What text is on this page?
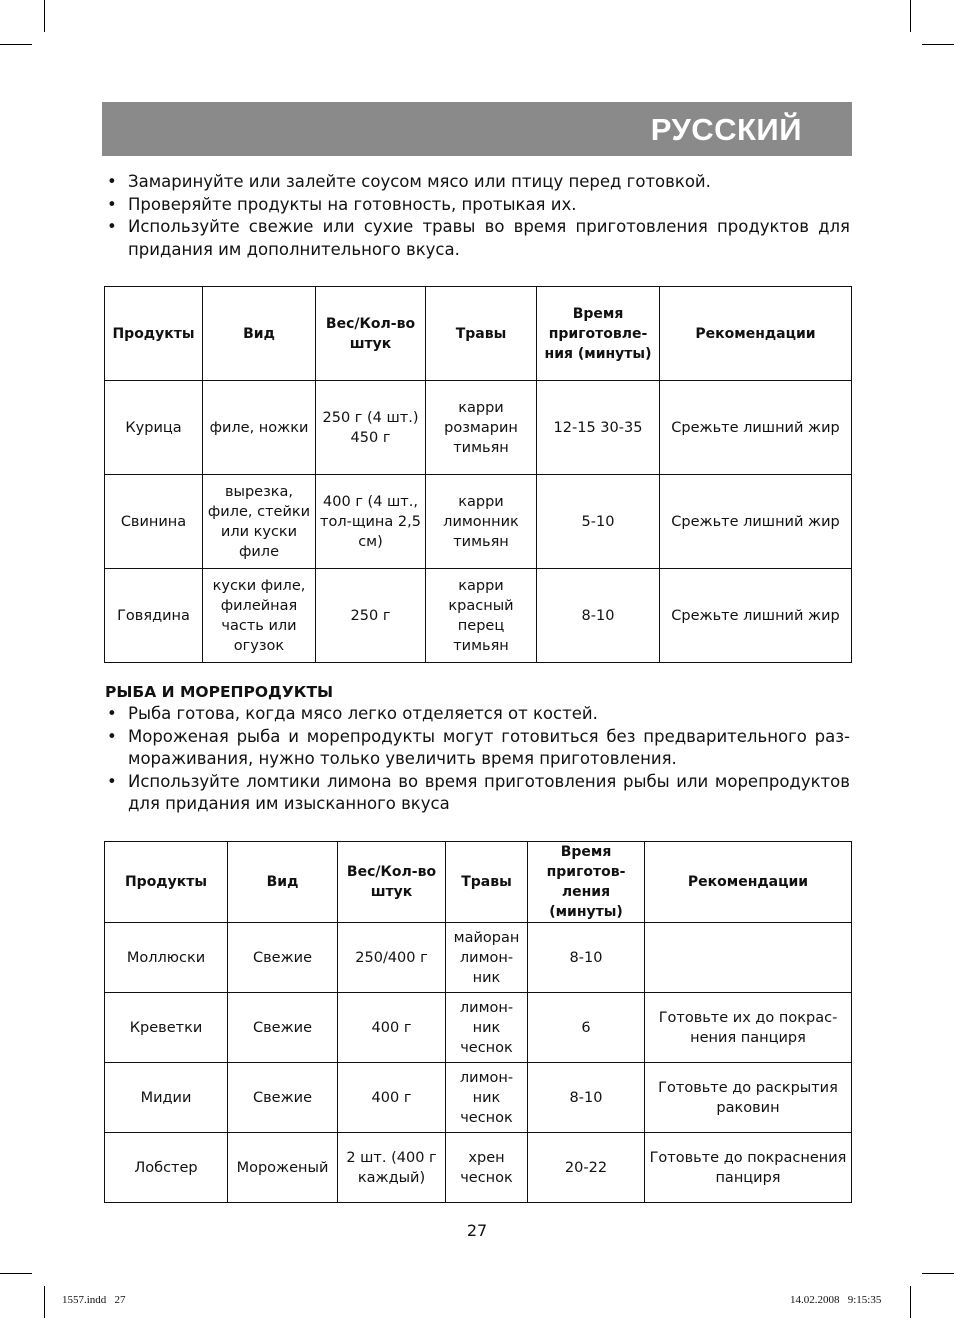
РУССКИЙ
• Замаринуйте или залейте соусом мясо или птицу перед готовкой.
• Проверяйте продукты на готовность, протыкая их.
• Используйте свежие или сухие травы во время приготовления продуктов для придания им дополнительного вкуса.
Продукты	Вид	Вес/Кол-во штук	Травы	Время приготовле-ния (минуты)	Рекомендации
Курица	филе, ножки	250 г (4 шт.) 450 г	карри розмарин тимьян	12-15 30-35	Срежьте лишний жир
Свинина	вырезка, филе, стейки или куски филе	400 г (4 шт., тол-щина 2,5 см)	карри лимонник тимьян	5-10	Срежьте лишний жир
Говядина	куски филе, филейная часть или огузок	250 г	карри красный перец тимьян	8-10	Срежьте лишний жир
РЫБА И МОРЕПРОДУКТЫ
• Рыба готова, когда мясо легко отделяется от костей.
• Мороженая рыба и морепродукты могут готовиться без предварительного раз-мораживания, нужно только увеличить время приготовления.
• Используйте ломтики лимона во время приготовления рыбы или морепродуктов для придания им изысканного вкуса
Продукты	Вид	Вес/Кол-во штук	Травы	Время приготов-ления (минуты)	Рекомендации
Моллюски	Свежие	250/400 г	майоран лимон-ник	8-10	
Креветки	Свежие	400 г	лимон-ник чеснок	6	Готовьте их до покрас-нения панциря
Мидии	Свежие	400 г	лимон-ник чеснок	8-10	Готовьте до раскрытия раковин
Лобстер	Мороженый	2 шт. (400 г каждый)	хрен чеснок	20-22	Готовьте до покраснения панциря
27
1557.indd   27	14.02.2008   9:15:35
